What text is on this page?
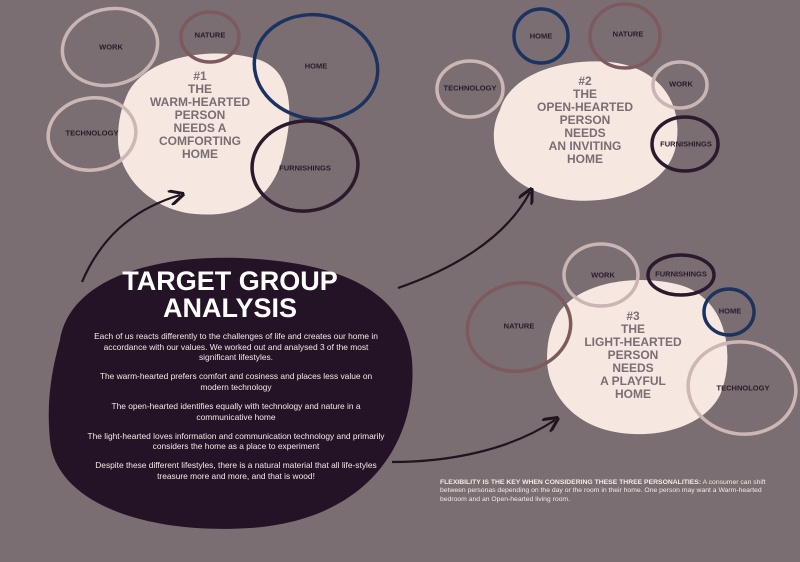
#1
THE
WARM-HEARTED
PERSON
NEEDS A
COMFORTING
HOME
WORK
NATURE
HOME
TECHNOLOGY
FURNISHINGS
#2
THE
OPEN-HEARTED
PERSON
NEEDS
AN INVITING
HOME
HOME	NATURE
TECHNOLOGY	WORK
FURNISHINGS
#3
THE
LIGHT-HEARTED
PERSON
NEEDS
A PLAYFUL
HOME
WORK	FURNISHINGS
HOME
NATURE
TECHNOLOGY
TARGET GROUP
ANALYSIS

Each of us reacts differently to the challenges of life and creates our home in accordance with our values. We worked out and analysed 3 of the most significant lifestyles.

The warm-hearted prefers comfort and cosiness and places less value on modern technology

The open-hearted identifies equally with technology and nature in a communicative home

The light-hearted loves information and communication technology and primarily considers the home as a place to experiment

Despite these different lifestyles, there is a natural material that all life-styles treasure more and more, and that is wood!

FLEXIBILITY IS THE KEY WHEN CONSIDERING THESE THREE PERSONALITIES: A consumer can shift between personas depending on the day or the room in their home. One person may want a Warm-hearted bedroom and an Open-hearted living room.
